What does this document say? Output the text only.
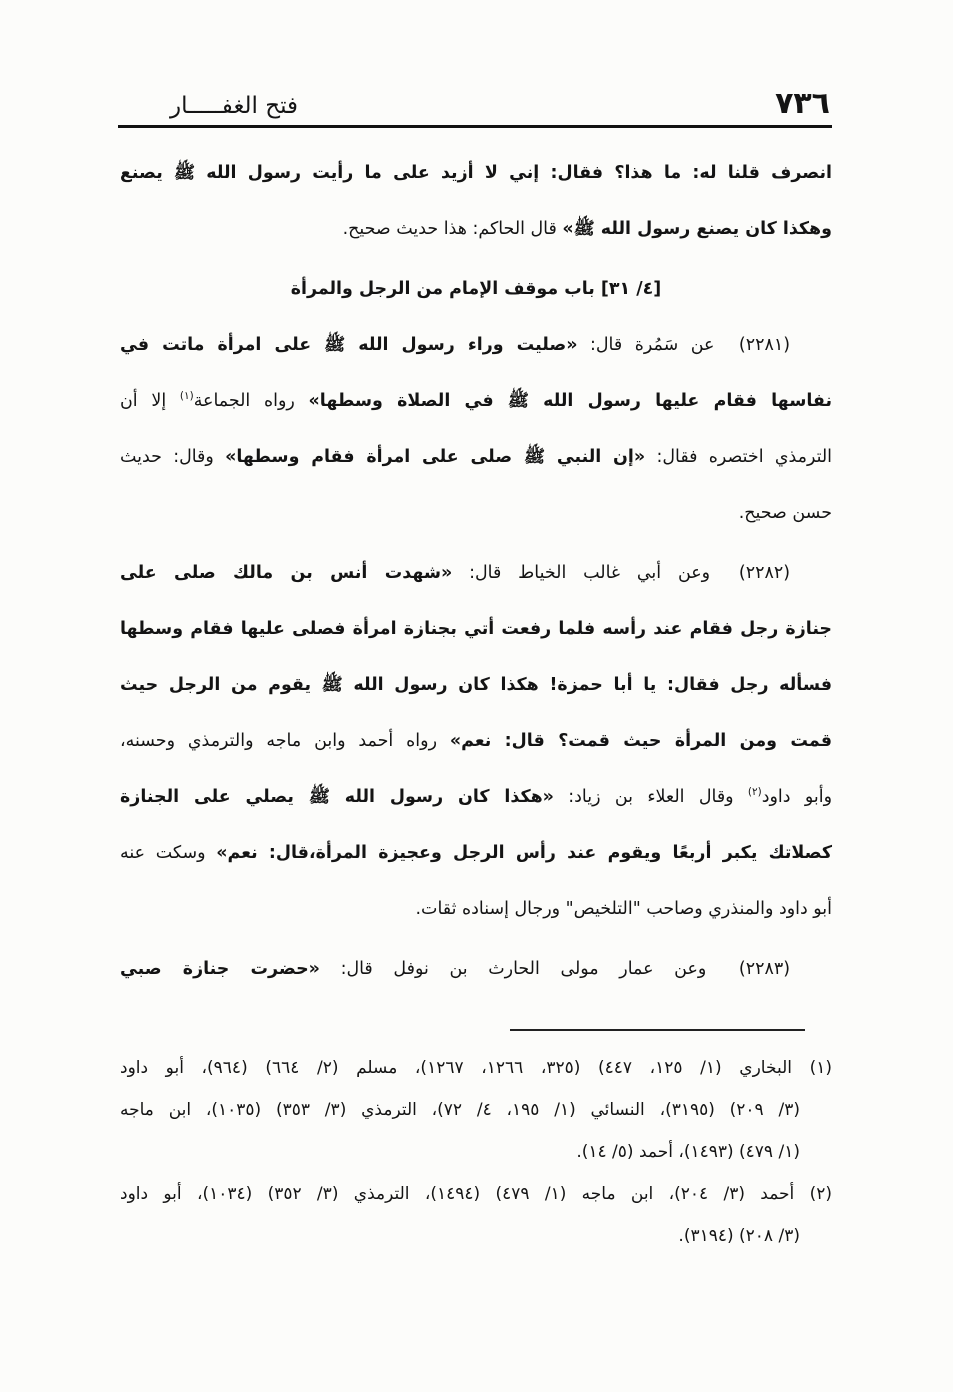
٧٣٦
فتح الغفـــــار
انصرف قلنا له: ما هذا؟ فقال: إني لا أزيد على ما رأيت رسول الله ﷺ يصنع
وهكذا كان يصنع رسول الله ﷺ» قال الحاكم: هذا حديث صحيح.
[٤/ ٣١] باب موقف الإمام من الرجل والمرأة
(٢٢٨١) عن سَمُرة قال: «صليت وراء رسول الله ﷺ على امرأة ماتت في
نفاسها فقام عليها رسول الله ﷺ في الصلاة وسطها» رواه الجماعة$^{(١)}$ إلا أن
الترمذي اختصره فقال: «إن النبي ﷺ صلى على امرأة فقام وسطها» وقال: حديث
حسن صحيح.
(٢٢٨٢) وعن أبي غالب الخياط قال: «شهدت أنس بن مالك صلى على
جنازة رجل فقام عند رأسه فلما رفعت أتي بجنازة امرأة فصلى عليها فقام وسطها
فسأله رجل فقال: يا أبا حمزة! هكذا كان رسول الله ﷺ يقوم من الرجل حيث
قمت ومن المرأة حيث قمت؟ قال: نعم» رواه أحمد وابن ماجه والترمذي وحسنه،
وأبو داود$^{(٢)}$ وقال العلاء بن زياد: «هكذا كان رسول الله ﷺ يصلي على الجنازة
كصلاتك يكبر أربعًا ويقوم عند رأس الرجل وعجيزة المرأة،قال: نعم» وسكت عنه
أبو داود والمنذري وصاحب "التلخيص" ورجال إسناده ثقات.
(٢٢٨٣) وعن عمار مولى الحارث بن نوفل قال: «حضرت جنازة صبي
(١) البخاري (١/ ١٢٥، ٤٤٧) (٣٢٥، ١٢٦٦، ١٢٦٧)، مسلم (٢/ ٦٦٤) (٩٦٤)، أبو داود
(٣/ ٢٠٩) (٣١٩٥)، النسائي (١/ ١٩٥، ٤/ ٧٢)، الترمذي (٣/ ٣٥٣) (١٠٣٥)، ابن ماجه
(١/ ٤٧٩) (١٤٩٣)، أحمد (٥/ ١٤).
(٢) أحمد (٣/ ٢٠٤)، ابن ماجه (١/ ٤٧٩) (١٤٩٤)، الترمذي (٣/ ٣٥٢) (١٠٣٤)، أبو داود
(٣/ ٢٠٨) (٣١٩٤).
